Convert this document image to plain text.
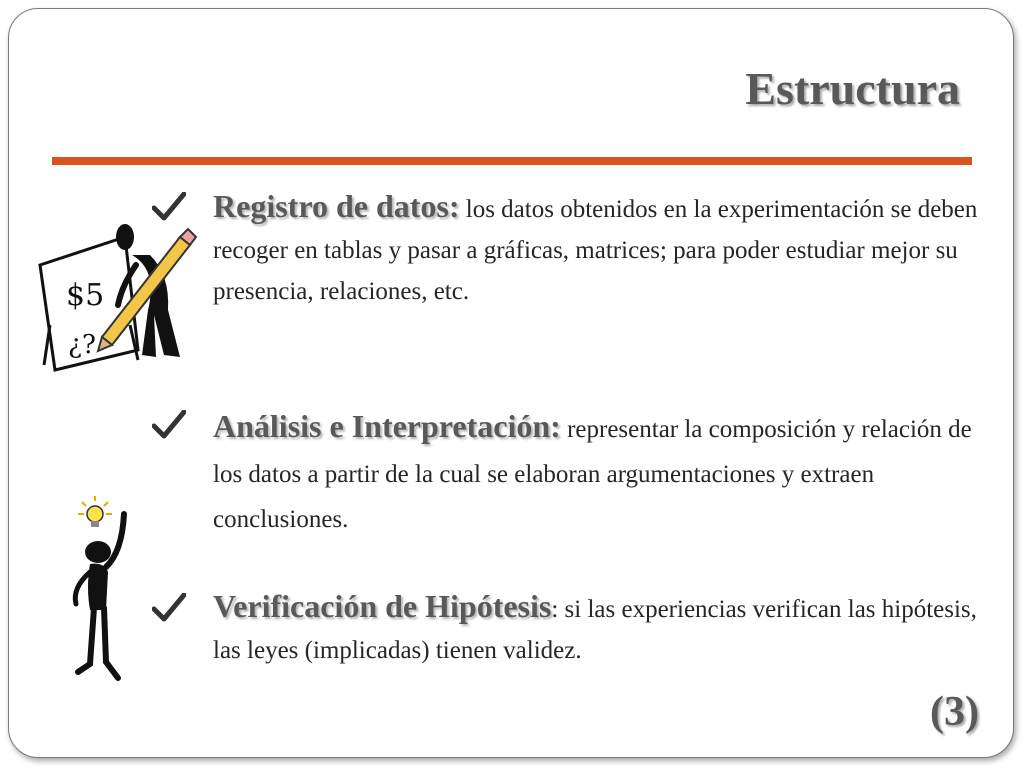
Estructura
Registro de datos: los datos obtenidos en la experimentación se deben recoger en tablas y pasar a gráficas, matrices; para poder estudiar mejor su presencia, relaciones, etc.
Análisis e Interpretación: representar la composición y relación de los datos a partir de la cual se elaboran argumentaciones y extraen conclusiones.
Verificación de Hipótesis: si las experiencias verifican las hipótesis, las leyes (implicadas) tienen validez.
$5
¿?
(3)
